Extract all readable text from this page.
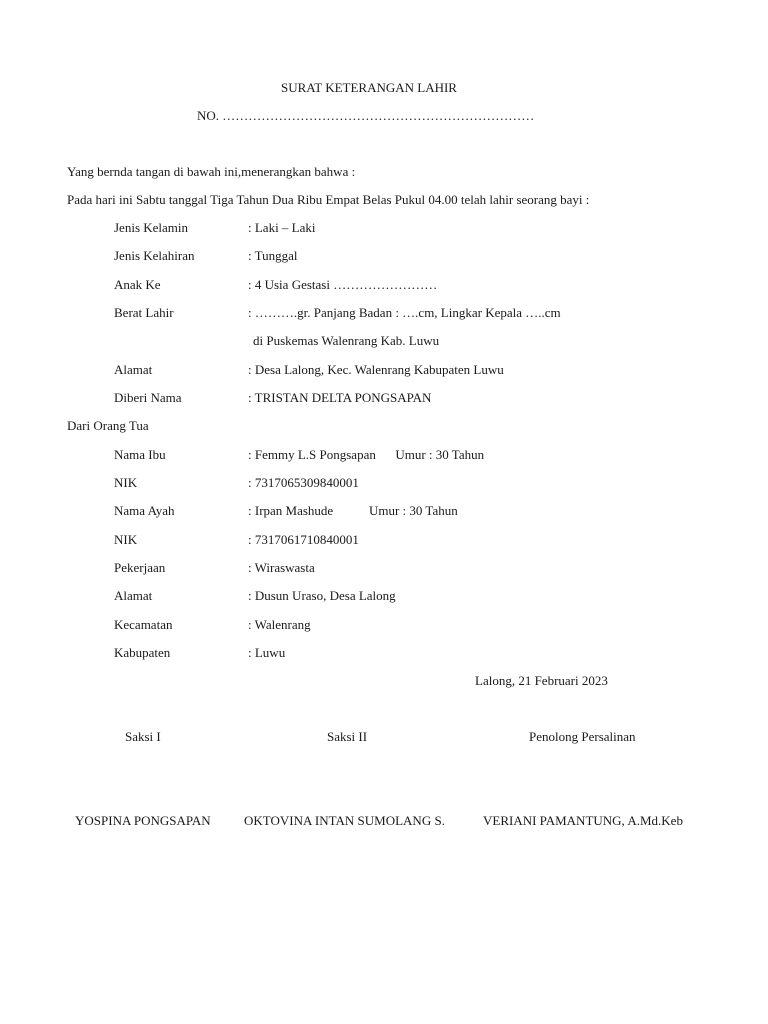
SURAT KETERANGAN LAHIR
NO. ………………………………………………………………
Yang bernda tangan di bawah ini,menerangkan bahwa :
Pada hari ini Sabtu tanggal Tiga Tahun Dua Ribu Empat Belas Pukul 04.00 telah lahir seorang bayi :
Jenis Kelamin	: Laki – Laki
Jenis Kelahiran	: Tunggal
Anak Ke	: 4 Usia Gestasi ……………………
Berat Lahir	: ……….gr. Panjang Badan : ….cm, Lingkar Kepala …..cm
di Puskemas Walenrang Kab. Luwu
Alamat	: Desa Lalong, Kec. Walenrang Kabupaten Luwu
Diberi Nama	: TRISTAN DELTA PONGSAPAN
Dari Orang Tua
Nama Ibu	: Femmy L.S Pongsapan      Umur : 30 Tahun
NIK	: 7317065309840001
Nama Ayah	: Irpan Mashude           Umur : 30 Tahun
NIK	: 7317061710840001
Pekerjaan	: Wiraswasta
Alamat	: Dusun Uraso, Desa Lalong
Kecamatan	: Walenrang
Kabupaten	: Luwu
Lalong, 21 Februari 2023
Saksi I	Saksi II	Penolong Persalinan
YOSPINA PONGSAPAN	OKTOVINA INTAN SUMOLANG S.	VERIANI PAMANTUNG, A.Md.Keb
